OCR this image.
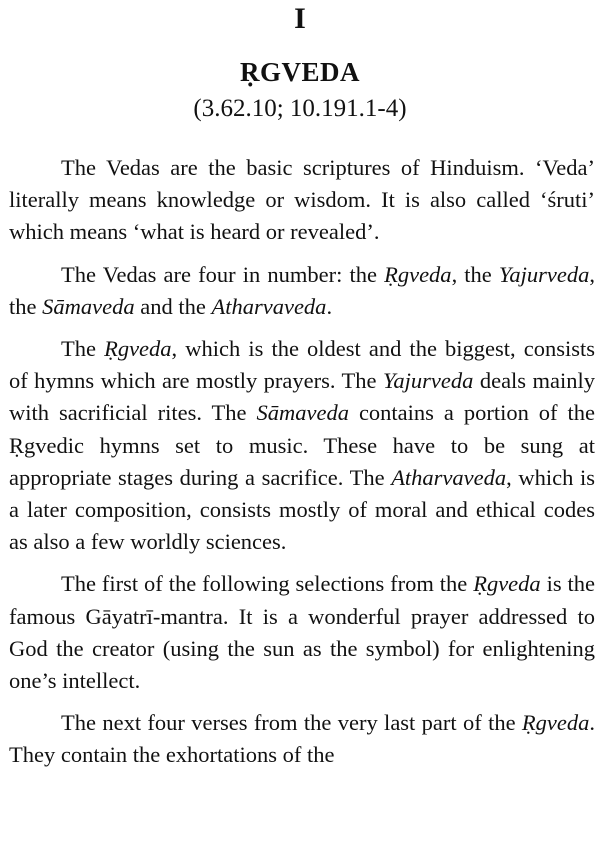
I
ṚGVEDA
(3.62.10; 10.191.1-4)

The Vedas are the basic scriptures of Hinduism. ‘Veda’ literally means knowledge or wisdom. It is also called ‘śruti’ which means ‘what is heard or revealed’.

The Vedas are four in number: the Ṛgveda, the Yajurveda, the Sāmaveda and the Atharvaveda.

The Ṛgveda, which is the oldest and the biggest, consists of hymns which are mostly prayers. The Yajurveda deals mainly with sacrificial rites. The Sāmaveda contains a portion of the Ṛgvedic hymns set to music. These have to be sung at appropriate stages during a sacrifice. The Atharvaveda, which is a later composition, consists mostly of moral and ethical codes as also a few worldly sciences.

The first of the following selections from the Ṛgveda is the famous Gāyatrī-mantra. It is a wonderful prayer addressed to God the creator (using the sun as the symbol) for enlightening one’s intellect.

The next four verses from the very last part of the Ṛgveda. They contain the exhortations of the
